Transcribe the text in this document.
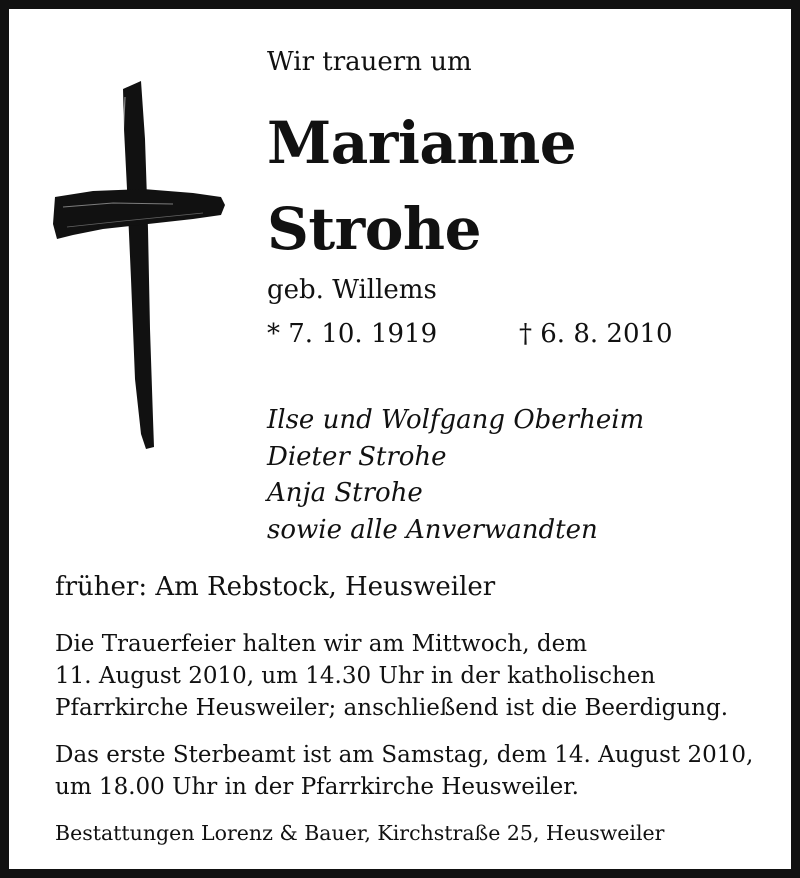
Wir trauern um
Marianne
Strohe
geb. Willems
* 7. 10. 1919	† 6. 8. 2010
Ilse und Wolfgang Oberheim
Dieter Strohe
Anja Strohe
sowie alle Anverwandten
früher: Am Rebstock, Heusweiler
Die Trauerfeier halten wir am Mittwoch, dem
11. August 2010, um 14.30 Uhr in der katholischen
Pfarrkirche Heusweiler; anschließend ist die Beerdigung.
Das erste Sterbeamt ist am Samstag, dem 14. August 2010,
um 18.00 Uhr in der Pfarrkirche Heusweiler.
Bestattungen Lorenz & Bauer, Kirchstraße 25, Heusweiler
